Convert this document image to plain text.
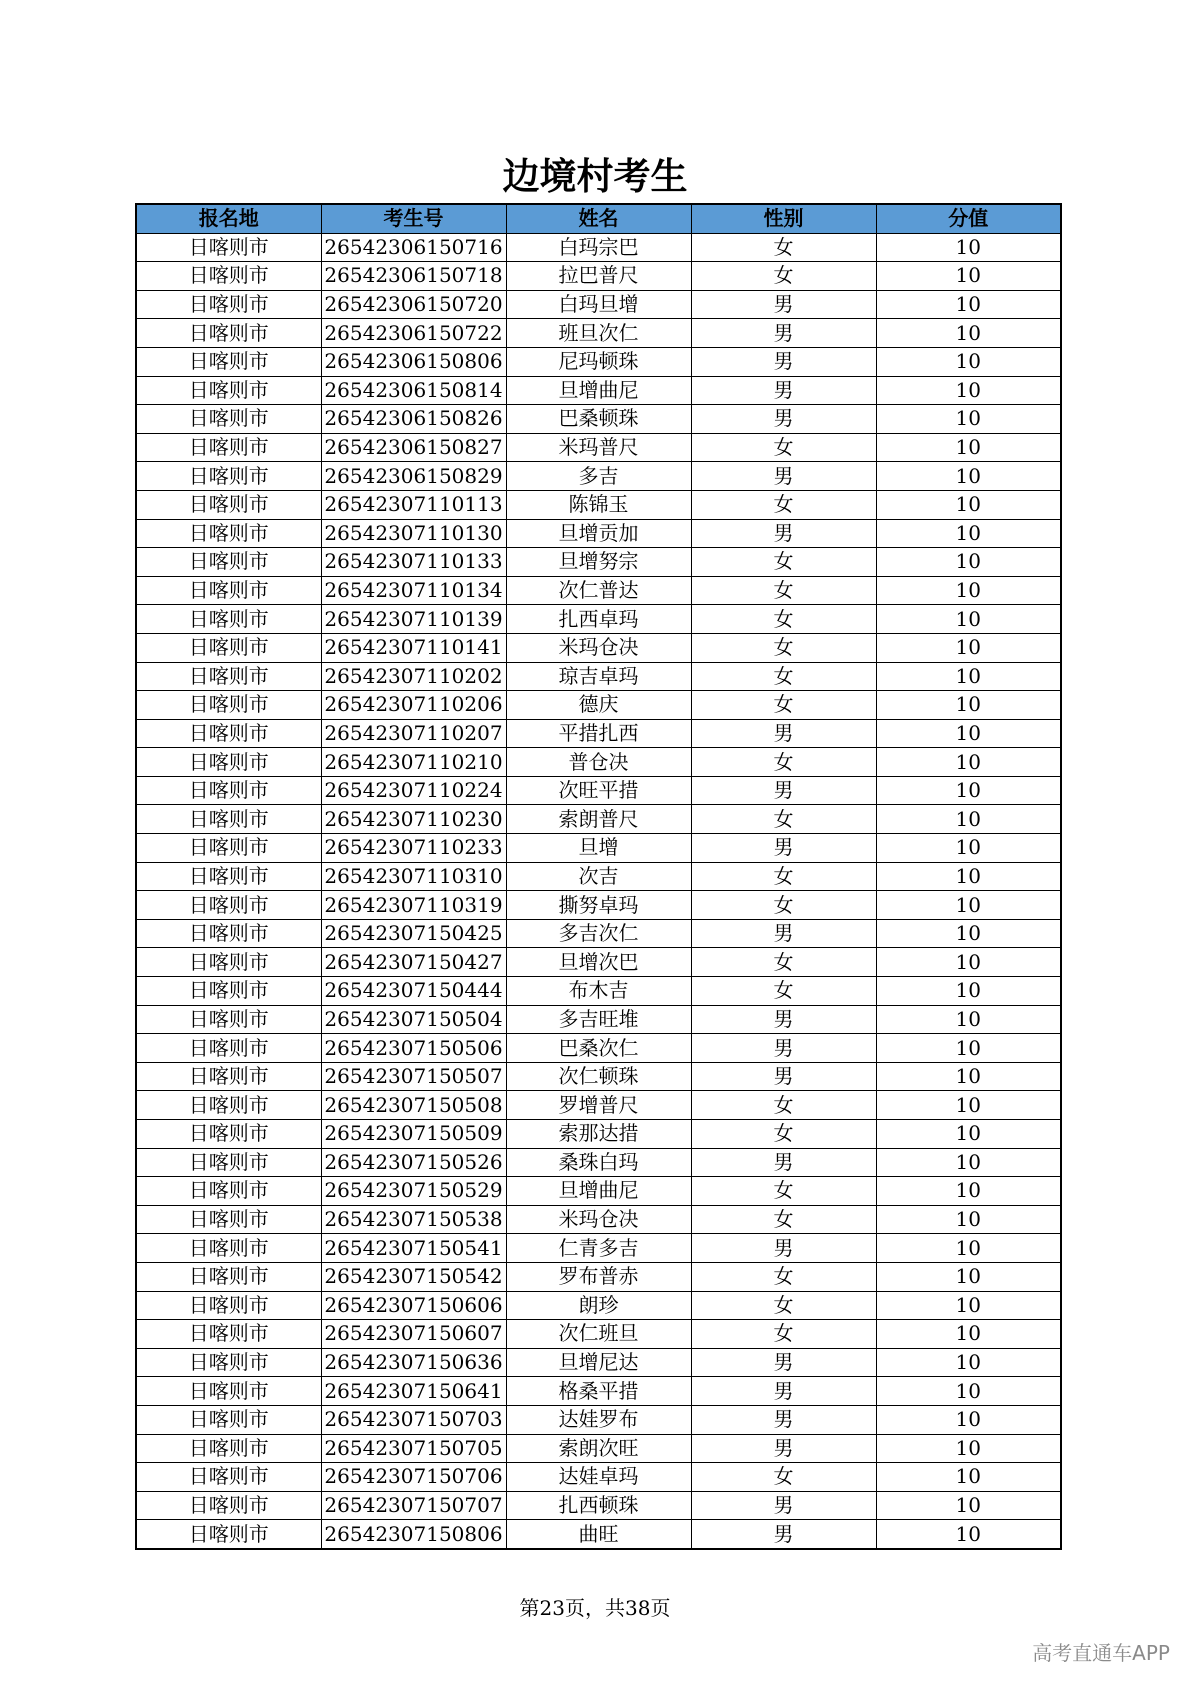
边境村考生
报名地	考生号	姓名	性别	分值
日喀则市	26542306150716	白玛宗巴	女	10
日喀则市	26542306150718	拉巴普尺	女	10
日喀则市	26542306150720	白玛旦增	男	10
日喀则市	26542306150722	班旦次仁	男	10
日喀则市	26542306150806	尼玛顿珠	男	10
日喀则市	26542306150814	旦增曲尼	男	10
日喀则市	26542306150826	巴桑顿珠	男	10
日喀则市	26542306150827	米玛普尺	女	10
日喀则市	26542306150829	多吉	男	10
日喀则市	26542307110113	陈锦玉	女	10
日喀则市	26542307110130	旦增贡加	男	10
日喀则市	26542307110133	旦增努宗	女	10
日喀则市	26542307110134	次仁普达	女	10
日喀则市	26542307110139	扎西卓玛	女	10
日喀则市	26542307110141	米玛仓决	女	10
日喀则市	26542307110202	琼吉卓玛	女	10
日喀则市	26542307110206	德庆	女	10
日喀则市	26542307110207	平措扎西	男	10
日喀则市	26542307110210	普仓决	女	10
日喀则市	26542307110224	次旺平措	男	10
日喀则市	26542307110230	索朗普尺	女	10
日喀则市	26542307110233	旦增	男	10
日喀则市	26542307110310	次吉	女	10
日喀则市	26542307110319	撕努卓玛	女	10
日喀则市	26542307150425	多吉次仁	男	10
日喀则市	26542307150427	旦增次巴	女	10
日喀则市	26542307150444	布木吉	女	10
日喀则市	26542307150504	多吉旺堆	男	10
日喀则市	26542307150506	巴桑次仁	男	10
日喀则市	26542307150507	次仁顿珠	男	10
日喀则市	26542307150508	罗增普尺	女	10
日喀则市	26542307150509	索那达措	女	10
日喀则市	26542307150526	桑珠白玛	男	10
日喀则市	26542307150529	旦增曲尼	女	10
日喀则市	26542307150538	米玛仓决	女	10
日喀则市	26542307150541	仁青多吉	男	10
日喀则市	26542307150542	罗布普赤	女	10
日喀则市	26542307150606	朗珍	女	10
日喀则市	26542307150607	次仁班旦	女	10
日喀则市	26542307150636	旦增尼达	男	10
日喀则市	26542307150641	格桑平措	男	10
日喀则市	26542307150703	达娃罗布	男	10
日喀则市	26542307150705	索朗次旺	男	10
日喀则市	26542307150706	达娃卓玛	女	10
日喀则市	26542307150707	扎西顿珠	男	10
日喀则市	26542307150806	曲旺	男	10
第23页，共38页
高考直通车APP
